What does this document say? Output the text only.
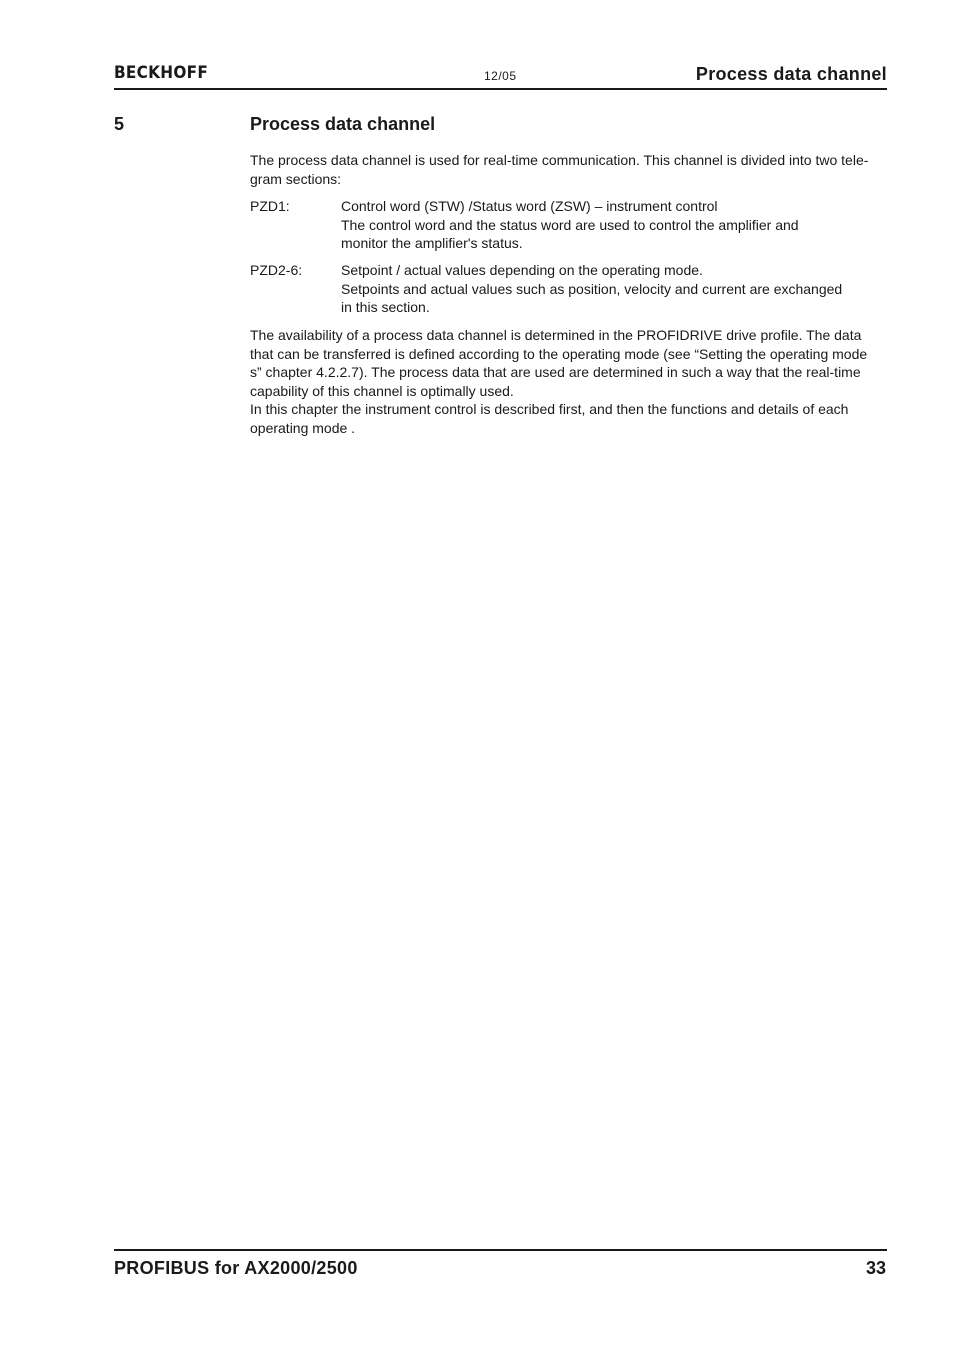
BECKHOFF	12/05	Process data channel
5	Process data channel
The process data channel is used for real-time communication. This channel is divided into two tele-
gram sections:
PZD1:	Control word (STW) /Status word (ZSW) – instrument control
The control word and the status word are used to control the amplifier and
monitor the amplifier's status.
PZD2-6:	Setpoint / actual values depending on the operating mode.
Setpoints and actual values such as position, velocity and current are exchanged
in this section.
The availability of a process data channel is determined in the PROFIDRIVE drive profile. The data
that can be transferred is defined according to the operating mode (see “Setting the operating mode
s” chapter 4.2.2.7). The process data that are used are determined in such a way that the real-time
capability of this channel is optimally used.
In this chapter the instrument control is described first, and then the functions and details of each
operating mode .
PROFIBUS for AX2000/2500	33
